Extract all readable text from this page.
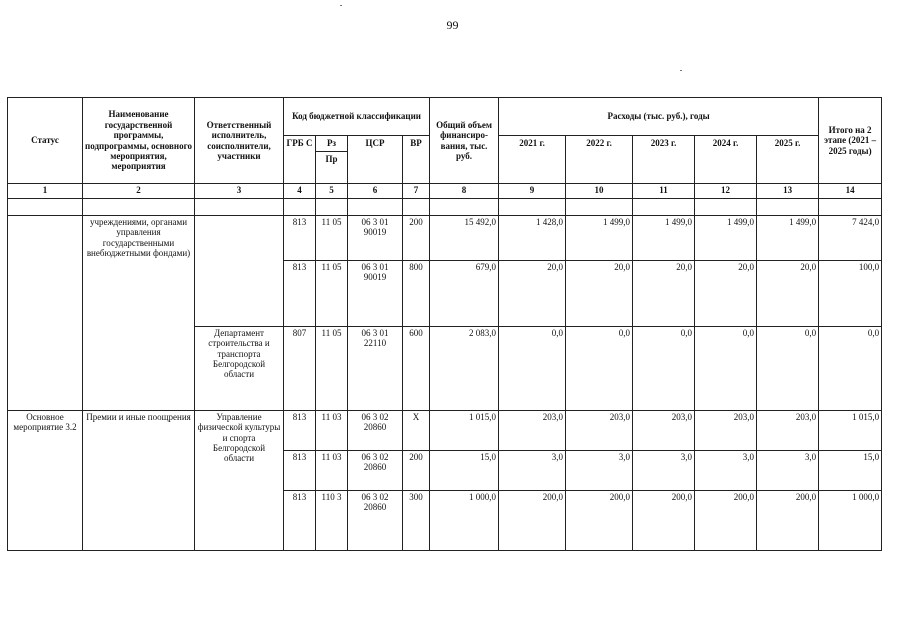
99
Статус	Наименование государственной программы, подпрограммы, основного мероприятия, мероприятия	Ответственный исполнитель, соисполнители, участники	Код бюджетной классификации				Общий объем финансиро-вания, тыс. руб.	Расходы (тыс. руб.), годы					Итого на 2 этапе (2021 – 2025 годы)
			ГРБ С	Рз	ЦСР	ВР		2021 г.	2022 г.	2023 г.	2024 г.	2025 г.	
				Пр									
1	2	3	4	5	6	7	8	9	10	11	12	13	14

	учреждениями, органами управления государственными внебюджетными фондами)		813	11 05	06 3 01 90019	200	15 492,0	1 428,0	1 499,0	1 499,0	1 499,0	1 499,0	7 424,0
			813	11 05	06 3 01 90019	800	679,0	20,0	20,0	20,0	20,0	20,0	100,0
		Департамент строительства и транспорта Белгородской области	807	11 05	06 3 01 22110	600	2 083,0	0,0	0,0	0,0	0,0	0,0	0,0
Основное мероприятие 3.2	Премии и иные поощрения	Управление физической культуры и спорта Белгородской области	813	11 03	06 3 02 20860	Х	1 015,0	203,0	203,0	203,0	203,0	203,0	1 015,0
			813	11 03	06 3 02 20860	200	15,0	3,0	3,0	3,0	3,0	3,0	15,0
			813	110 3	06 3 02 20860	300	1 000,0	200,0	200,0	200,0	200,0	200,0	1 000,0
